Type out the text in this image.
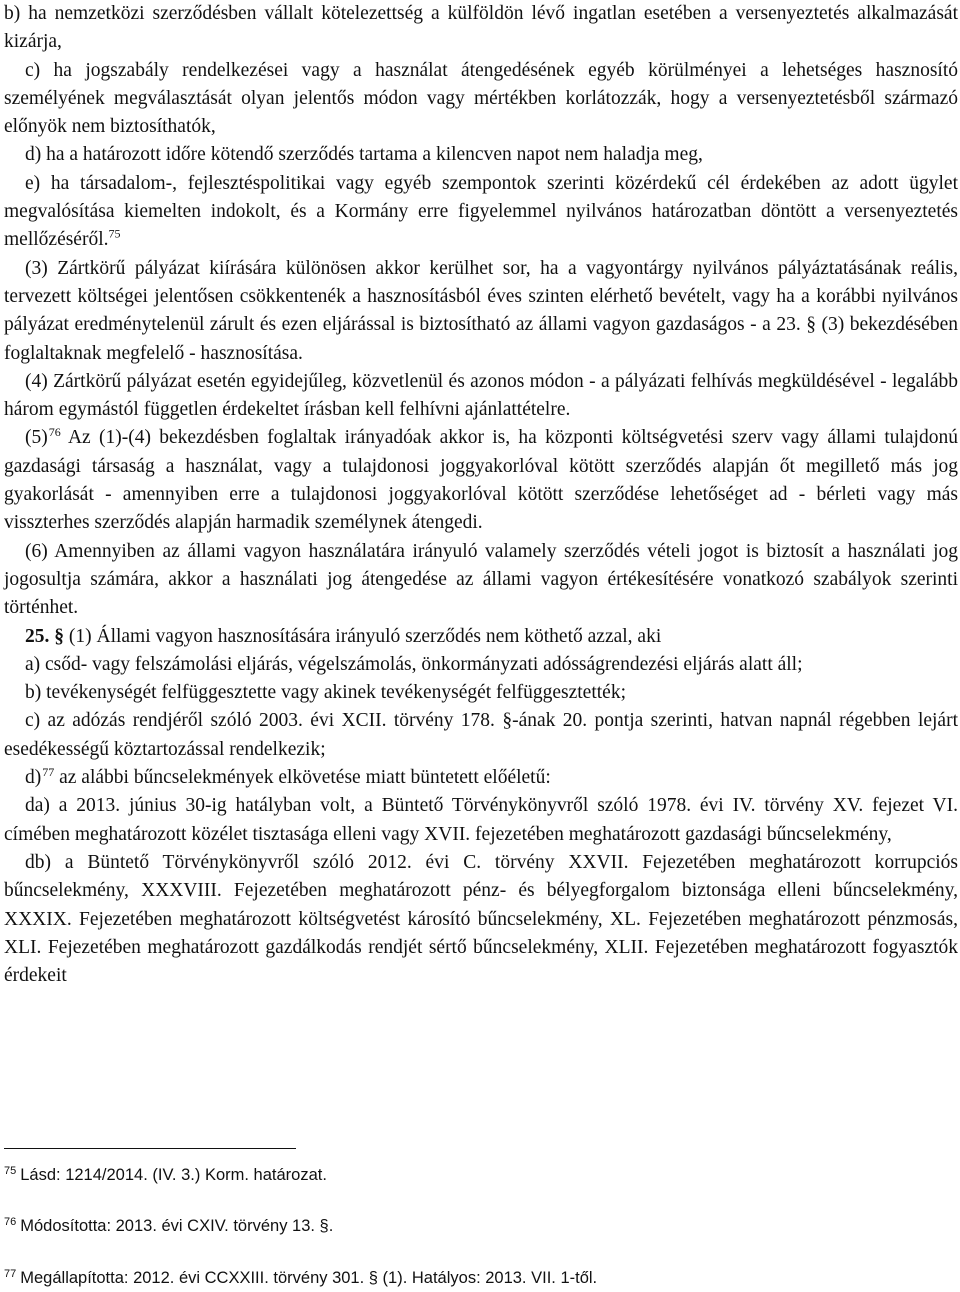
b) ha nemzetközi szerződésben vállalt kötelezettség a külföldön lévő ingatlan esetében a versenyeztetés alkalmazását kizárja,

c) ha jogszabály rendelkezései vagy a használat átengedésének egyéb körülményei a lehetséges hasznosító személyének megválasztását olyan jelentős módon vagy mértékben korlátozzák, hogy a versenyeztetésből származó előnyök nem biztosíthatók,

d) ha a határozott időre kötendő szerződés tartama a kilencven napot nem haladja meg,

e) ha társadalom-, fejlesztéspolitikai vagy egyéb szempontok szerinti közérdekű cél érdekében az adott ügylet megvalósítása kiemelten indokolt, és a Kormány erre figyelemmel nyilvános határozatban döntött a versenyeztetés mellőzéséről.$^{75}$

(3) Zártkörű pályázat kiírására különösen akkor kerülhet sor, ha a vagyontárgy nyilvános pályáztatásának reális, tervezett költségei jelentősen csökkentenék a hasznosításból éves szinten elérhető bevételt, vagy ha a korábbi nyilvános pályázat eredménytelenül zárult és ezen eljárással is biztosítható az állami vagyon gazdaságos - a 23. § (3) bekezdésében foglaltaknak megfelelő - hasznosítása.

(4) Zártkörű pályázat esetén egyidejűleg, közvetlenül és azonos módon - a pályázati felhívás megküldésével - legalább három egymástól független érdekeltet írásban kell felhívni ajánlattételre.

$(5)^{76}$ Az (1)-(4) bekezdésben foglaltak irányadóak akkor is, ha központi költségvetési szerv vagy állami tulajdonú gazdasági társaság a használat, vagy a tulajdonosi joggyakorlóval kötött szerződés alapján őt megillető más jog gyakorlását - amennyiben erre a tulajdonosi joggyakorlóval kötött szerződése lehetőséget ad - bérleti vagy más visszterhes szerződés alapján harmadik személynek átengedi.

(6) Amennyiben az állami vagyon használatára irányuló valamely szerződés vételi jogot is biztosít a használati jog jogosultja számára, akkor a használati jog átengedése az állami vagyon értékesítésére vonatkozó szabályok szerinti történhet.

25. § (1) Állami vagyon hasznosítására irányuló szerződés nem köthető azzal, aki

a) csőd- vagy felszámolási eljárás, végelszámolás, önkormányzati adósságrendezési eljárás alatt áll;

b) tevékenységét felfüggesztette vagy akinek tevékenységét felfüggesztették;

c) az adózás rendjéről szóló 2003. évi XCII. törvény 178. §-ának 20. pontja szerinti, hatvan napnál régebben lejárt esedékességű köztartozással rendelkezik;

d)$^{77}$ az alábbi bűncselekmények elkövetése miatt büntetett előéletű:

da) a 2013. június 30-ig hatályban volt, a Büntető Törvénykönyvről szóló 1978. évi IV. törvény XV. fejezet VI. címében meghatározott közélet tisztasága elleni vagy XVII. fejezetében meghatározott gazdasági bűncselekmény,

db) a Büntető Törvénykönyvről szóló 2012. évi C. törvény XXVII. Fejezetében meghatározott korrupciós bűncselekmény, XXXVIII. Fejezetében meghatározott pénz- és bélyegforgalom biztonsága elleni bűncselekmény, XXXIX. Fejezetében meghatározott költségvetést károsító bűncselekmény, XL. Fejezetében meghatározott pénzmosás, XLI. Fejezetében meghatározott gazdálkodás rendjét sértő bűncselekmény, XLII. Fejezetében meghatározott fogyasztók érdekeit

$^{75}$ Lásd: 1214/2014. (IV. 3.) Korm. határozat.
$^{76}$ Módosította: 2013. évi CXIV. törvény 13. §.
$^{77}$ Megállapította: 2012. évi CCXXIII. törvény 301. § (1). Hatályos: 2013. VII. 1-től.
